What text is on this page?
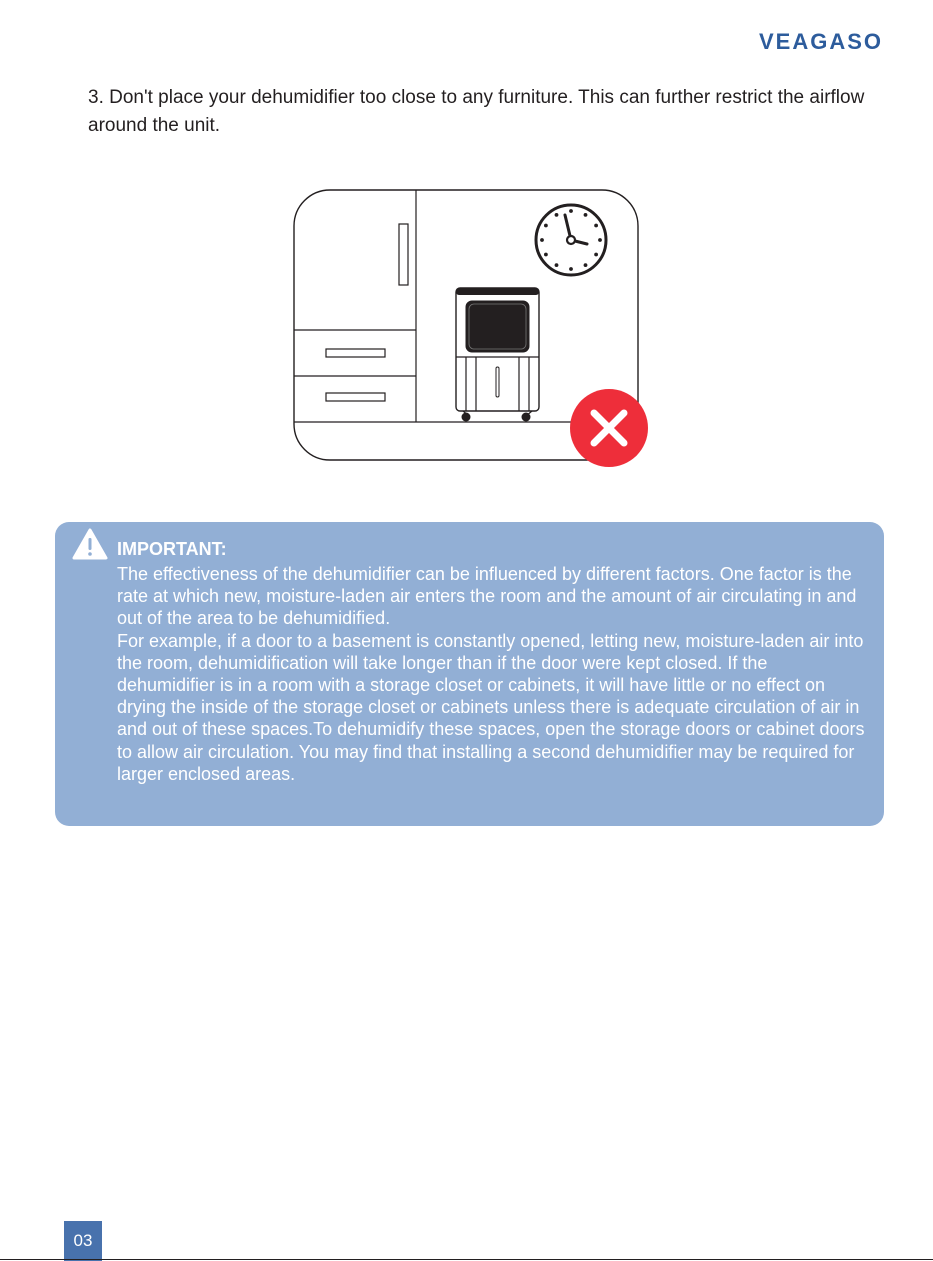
VEAGASO
3. Don't place your dehumidifier too close to any furniture. This can further restrict the airflow around the unit.
IMPORTANT:

The effectiveness of the dehumidifier can be influenced by different factors. One factor is the rate at which new, moisture-laden air enters the room and the amount of air circulating in and out of the area to be dehumidified.

For example, if a door to a basement is constantly opened, letting new, moisture-laden air into the room, dehumidification will take longer than if the door were kept closed. If the dehumidifier is in a room with a storage closet or cabinets, it will have little or no effect on drying the inside of the storage closet or cabinets unless there is adequate circulation of air in and out of these spaces.To dehumidify these spaces, open the storage doors or cabinet doors to allow air circulation. You may find that installing a second dehumidifier may be required for larger enclosed areas.

03
